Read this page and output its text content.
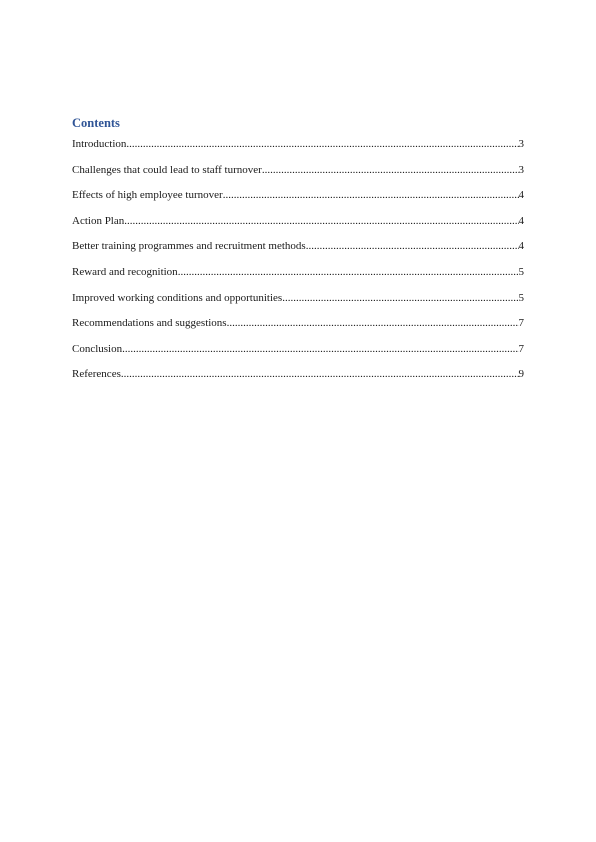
Contents
Introduction .....	3
Challenges that could lead to staff turnover .....	3
Effects of high employee turnover .....	4
Action Plan .....	4
Better training programmes and recruitment methods .....	4
Reward and recognition .....	5
Improved working conditions and opportunities .....	5
Recommendations and suggestions .....	7
Conclusion .....	7
References .....	9
